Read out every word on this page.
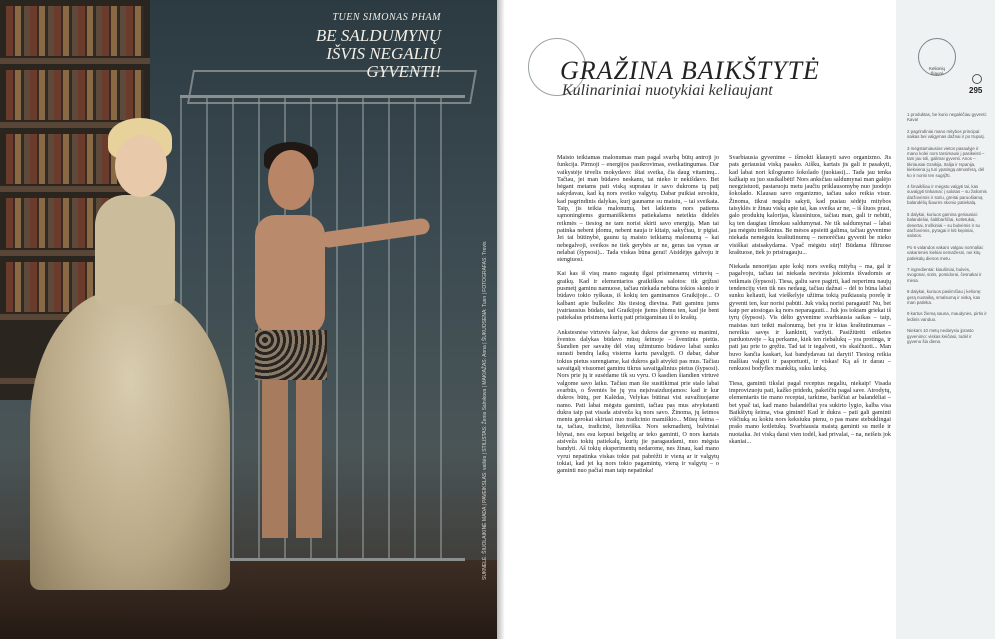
TUEN SIMONAS PHAM
BE SALDUMYNŲ IŠVIS NEGALIU GYVENTI!
SUKNELĖ: ŠIUOLAIKINĖ MADA | PAVEIKSLAS: vaišės | STILISTAS: Ženia Salnikova | MAKIAŽAS: Anna | ŠUKUOSENA: Tuen | FOTOGRAFAS: Trevis
GRAŽINA BAIKŠTYTĖ
Kulinariniai nuotykiai keliaujant

Maisto teikiamas malonumas man pagal svarbą būtų antroji jo funkcija. Pirmoji – energijos pasikrovimas, sveikatingumas. Dar vaikystėje tėvelis mokydavo: ištai sveika, čia daug vitaminų... Tačiau, jei man būdavo neskanu, tai nieko ir nekišdavo. Bet bėgant metams pati viską supratau ir savo dukroms tą patį sakydavau, kad ką nors sveiko valgytų. Dabar puikiai suvokiu, kad pagrindinis dalykas, kurį gauname su maistu, – tai sveikata. Taip, jis teikia malonumą, bet laikiems nors patiems sąmoningiems gurmaniškiems patiekalams neteikta didelės reikmės – tiesiog ne tam norisi skirti savo energiją. Man tai patinka nebent įdomu, nebent nauja ir kitaip, sakyčiau, ir pigiai. Jei tai būtinybė, gaunu tą maisto teikiamą malonumą – kai nebegalvoji, sveikos ne tiek gerybės ar ne, geras tas vynas ar nelabai (šypsosi)... Tada viskas būna gerai! Atsidėjęs galvoju ir stengiuosi.

Kai kas iš visų mano ragautų ilgai prisimenamų virtuvių – graikų. Kad ir elementarios graikiškos salotos: tik grįžusi pusmetį gaminu namuose, tačiau niekada nebūna tokios skonio ir būdavo tokio ryškaus, iš kokių ten gaminamos Graikijoje... O kalbant apie bulkelės: Jūs tiesiog dievina. Pati gaminu jums įvairiausius būdais, tad Graikijoje jiems įdomu ten, kad jie bent patiekalus prisimena kurių pati prisigaminau iš to kraštų.

Ankstesnėse virtuvės šalyse, kai dukros dar gyveno su manimi, šventos dalykas būdavo mūsų šeimoje – šventinis pietūs. Šiandien per savaitę dėl visų užimtumo būdavo labai sunku surasti bendrą laiką visiems kartu pavalgyti. O dabar, dabar tokius pietus surengiame, kai dukros gali atvykti pas mus. Tačiau savaitgalį visuomet gaminu tikrus savaitgalinius pietus (šypsosi). Nors prie jų ir susėdame tik su vyru. O kasdien šiandien virtuvė valgome savo laiku. Tačiau man šie susitikimai prie stalo labai svarbūs, o Šventės be jų yra neįsivaizduojamos: kad ir kur dukros būtų, per Kalėdas, Velykas būtinai visi suvažiuojame namo. Pati labai mėgstu gaminti, tačiau pas mus atvykstanti dukra taip pat visada atsiveža ką nors savo. Žinoma, jų šeimos meniu gerokai skiriasi nuo tradicinio mamiškio... Mūsų šeima – ta, tačiau, tradicinė, lietuviška. Nors sekmadienį, bulviniai blynai, nes esu kepusi beigelių ar teko gaminti, O nors kartais atsiveža tokių patiekalų, kurių jie paragaudami, nuo mėgsta bandyti. Aš tokių eksperimentų nedarome, nes žinau, kad mano vyrui nepatinka viskas tokie pat pabrėžti ir vieną ar ir valgytų tokiai, kad jei ką nors tokio pagamintų, vieną ir valgytų – o gaminti nuo pačiai man taip nepatinka!

Svarbiausia gyvenime – išmokti klausyti savo organizmo. Jis pats geriausiai viską pasako. Aišku, kartais jis gali ir pasakyti, kad labai nori kilogramo šokolado (juokiasi)... Tada jau tenka kažkaip su juo susikalbėti! Nors anksčiau saldumynai man galėjo neegzistuoti, pastaruoju metu jaučiu priklausomybę nuo juodojo šokolado. Klausau savo organizmo, tačiau sako reikia visur. Žinoma, tikrai negaliu sakyti, kad pusiau sėdėju mitybos taisyklės ir žinau viską apie tai, kas sveika ar ne, – iš šiuos prasi, galo produktų kalorijas, klausiniuos, tačiau man, gali ir nebūti, ką ten daugiau išmokau saldumynai. Ne tik saldumynai – labai jau mėgstu troškintus. Be mėsos apsieiti galima, tačiau gyvenime niekada nemėgsiu kraštutinumų – nenorėčiau gyventi be nieko visiškai atsisakydama. Vpač mėgstu sūrį! Būdama filtruose kraštuose, tiek jo prisiragauju...

Niekada nenorėjau apie kokį nors sveiką mitybą – ma, gal ir pagalvoju, tačiau tai niekada nevirsta jokiomis išvadomis ar veikmais (šypsosi). Tiesa, galiu save pagirti, kad neperimu naujų tendencijų vien tik nes nedaug, tačiau dažnai – dėl to būna labai sunku keliauti, kai vieškelyje užiima tokią puikiausią porelę ir gyventi ten, kur norisi pabūti. Juk viską norisi paragauti! Nu, bet kaip per atostogas ką nors neparagauti... Juk jos tokiam griekai iš tyrų (šypsosi). Vis dėlto gyvenime svarbiausia saikas – taip, maistas turi teikti malonumą, bet yra ir kitas kraštutinumas – nereikia savęs ir kankinti, varžyti. Pasižiūrėti etiketes parduotuvėje – ką perkame, kiek ten riebalukų – yra protinga, ir pati jau prie to gręžiu. Tad tai ir tegalvoti, vis skaičiuoti... Man buvo kančia kaskart, kai bandydavau tai daryti! Tiesiog reikia malšiau valgyti ir pasportuoti, ir viskas! Ką aš ir darau – renkuosi bodyflex mankštą, suku lanką.

Tiesa, gaminti tikslai pagal receptus negaliu, niekaip! Visada improvizuoju pati, kažko pridedu, pakeičiu pagal save. Atrodytų, elementarūs tie mano receptai, tarkime, barščiai ar balandėliai – bet ypač tai, kad mano balandėliai yra sukirto lygio, kalba visa Baikštytų šeima, visa giminė! Kad ir dukra – pati gali gaminti viščiuką su kokiu nors keksiuku pienu, o pas mane stebuklingai prašo mano kotletukų. Svarbiausia maistą gaminti su meile ir nuotaika. Jei viską darai vien todėl, kad privalai, – na, neišeis jok skaniai...

Kelionių Šiaurė
295

1 produktas, be kurio negalėčiau gyventi: Kava!

2 pagrindiniai mano mitybos principai: saikas bei valgymas dažnai ir po truputį.

3 mėgstamiausios vietos pasaulyje ir mano kolei nors tarsimausi į pasikeisti – tam jau toli, galimai gyventi. Anos – tikriausiai Graikija, Italija ir Ispanija, kiekviena jų turi ypatingą atmosferą, dėl ko ir norisi ten sugrįžti.

4 šmaikšiau ir mėgstu valgyti tai, kas suvalgyti tinkamai: į salotas – su žaliomis daržovėmis ir sūriu, greitai paruošiamą balandėlių šiaurės skonio patiekalą.

5 dalykai, kuriuos gamina geriausiai: balandėliai, šaltibarščiai, kotletukai, desertai, troškiniai – su bulvėmis ir su daržovėmis, pyragai ir kiti kepiniai, salotos.

Po 6 valandos vakaro valgau normaliai: vakarienės kiekiai nemažesni, nei kitų patiekalų dienos metu.

7 ingredientai: kiaušiniai, bulvės, svogūnai, sūris, pomidorai, česnakai ir mėsa.

8 dalykai, kuriuos pasiimčiau į kelionę: gerą nuotaiką, smalsumą ir viską, kas man patinka.

9 kartus žiemą sauna, maudynės, pirtis ir ledinis vanduo.

Niekam 10 metų nedarysiu įprasto gyvenimo: viskas keičiasi, todėl ir gyvenu šia diena.
